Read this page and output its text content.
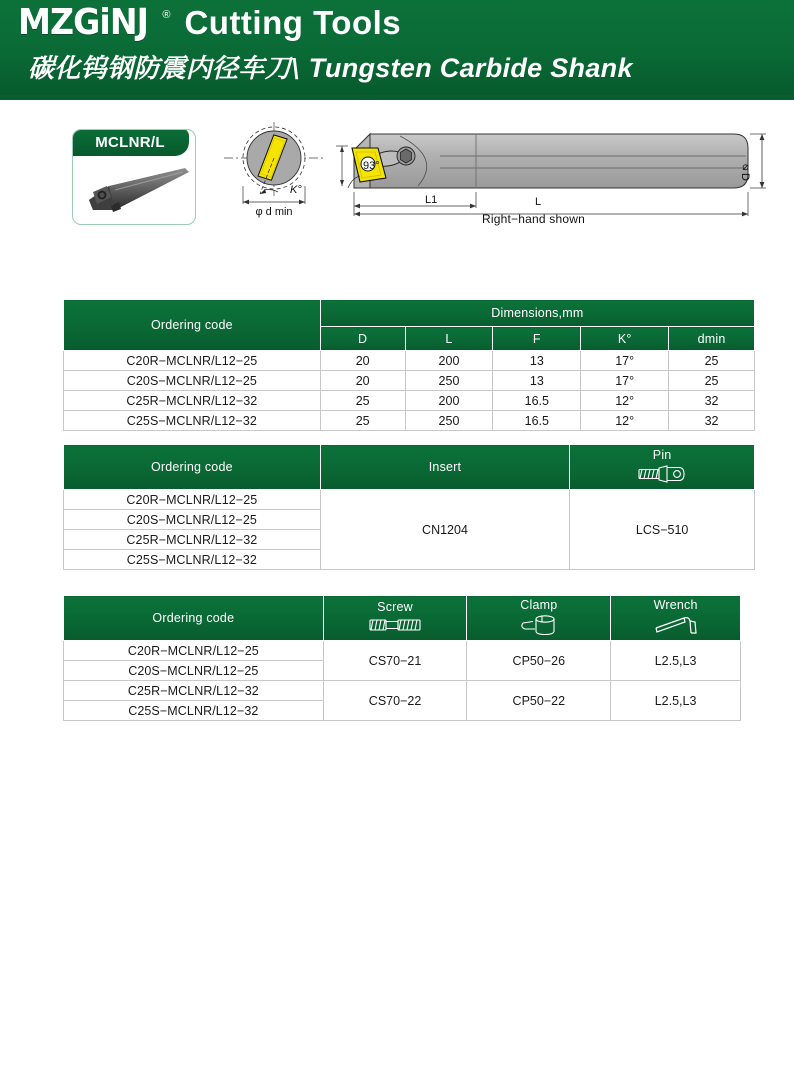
MZGiNJ ® Cutting Tools
碳化钨钢防震内径车刀\ Tungsten Carbide Shank
MCLNR/L
K°
φ d min
93°
L1	L
⌀D
Right−hand shown
Ordering code	Dimensions,mm				
	D	L	F	K°	dmin
C20R−MCLNR/L12−25	20	200	13	17°	25
C20S−MCLNR/L12−25	20	250	13	17°	25
C25R−MCLNR/L12−32	25	200	16.5	12°	32
C25S−MCLNR/L12−32	25	250	16.5	12°	32
Ordering code	Insert	Pin

C20R−MCLNR/L12−25	CN1204	LCS−510
C20S−MCLNR/L12−25		
C25R−MCLNR/L12−32		
C25S−MCLNR/L12−32		
Ordering code	Screw	Clamp	Wrench

C20R−MCLNR/L12−25	CS70−21	CP50−26	L2.5,L3
C20S−MCLNR/L12−25			
C25R−MCLNR/L12−32	CS70−22	CP50−22	L2.5,L3
C25S−MCLNR/L12−32			
